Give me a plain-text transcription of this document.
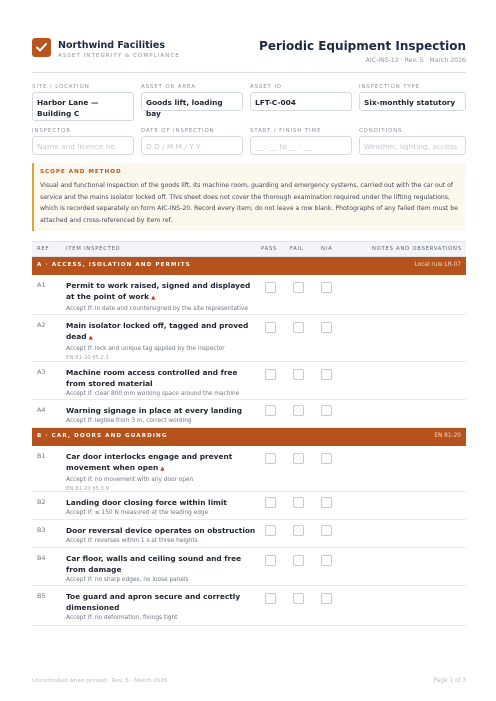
Northwind Facilities
ASSET INTEGRITY & COMPLIANCE
Periodic Equipment Inspection
AIC-INS-12 · Rev. 5 · March 2026
SITE / LOCATION
Harbor Lane — Building C
ASSET OR AREA
Goods lift, loading bay
ASSET ID
LFT-C-004
INSPECTION TYPE
Six-monthly statutory
INSPECTOR
Name and licence no.
DATE OF INSPECTION
D D / M M / Y Y
START / FINISH TIME
__ : __ to __ : __
CONDITIONS
Weather, lighting, access
SCOPE AND METHOD
Visual and functional inspection of the goods lift, its machine room, guarding and emergency systems, carried out with the car out of service and the mains isolator locked off. This sheet does not cover the thorough examination required under the lifting regulations, which is recorded separately on form AIC-INS-20. Record every item; do not leave a row blank. Photographs of any failed item must be attached and cross-referenced by item ref.
REF	ITEM INSPECTED	PASS FAIL	N/A	NOTES AND OBSERVATIONS
A · ACCESS, ISOLATION AND PERMITS	Local rule LR-07
A1	Permit to work raised, signed and displayed at the point of work ▲
Accept if: in date and countersigned by the site representative
A2	Main isolator locked off, tagged and proved dead ▲
Accept if: lock and unique tag applied by the inspector
EN 81-20 §5.2.1
A3	Machine room access controlled and free from stored material
Accept if: clear 800 mm working space around the machine
A4	Warning signage in place at every landing
Accept if: legible from 3 m, correct wording
B · CAR, DOORS AND GUARDING	EN 81-20
B1	Car door interlocks engage and prevent movement when open ▲
Accept if: no movement with any door open
EN 81-20 §5.3.9
B2	Landing door closing force within limit
Accept if: ≤ 150 N measured at the leading edge
B3	Door reversal device operates on obstruction
Accept if: reverses within 1 s at three heights
B4	Car floor, walls and ceiling sound and free from damage
Accept if: no sharp edges, no loose panels
B5	Toe guard and apron secure and correctly dimensioned
Accept if: no deformation, fixings tight
Uncontrolled when printed · Rev. 5 · March 2026	Page 1 of 3
